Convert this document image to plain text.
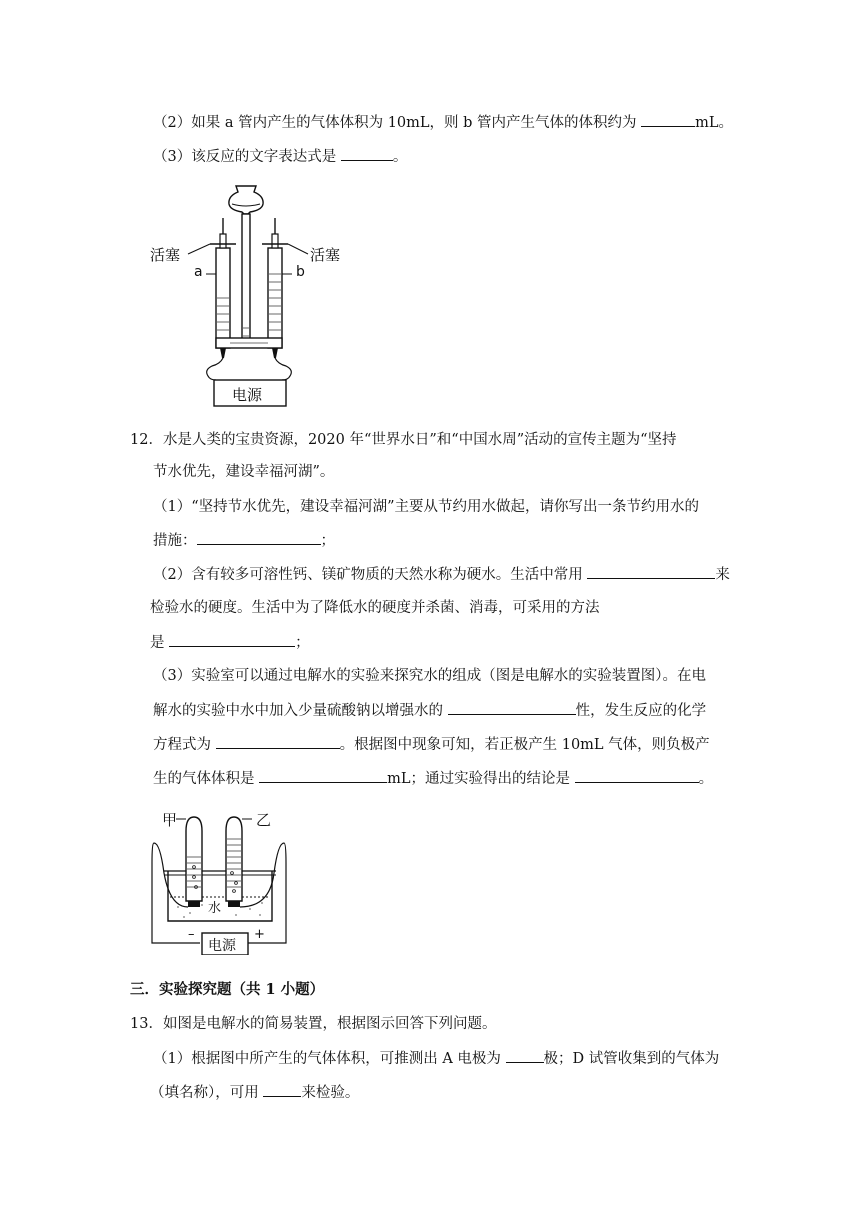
（2）如果 a 管内产生的气体体积为 10mL，则 b 管内产生气体的体积约为	mL。
（3）该反应的文字表达式是	。
活塞	活塞
a	b
电源
12．水是人类的宝贵资源，2020 年“世界水日”和“中国水周”活动的宣传主题为“坚持
节水优先，建设幸福河湖”。
（1）“坚持节水优先，建设幸福河湖”主要从节约用水做起，请你写出一条节约用水的
措施：	；
（2）含有较多可溶性钙、镁矿物质的天然水称为硬水。生活中常用	来
检验水的硬度。生活中为了降低水的硬度并杀菌、消毒，可采用的方法
是	；
（3）实验室可以通过电解水的实验来探究水的组成（图是电解水的实验装置图）。在电
解水的实验中水中加入少量硫酸钠以增强水的	性，发生反应的化学
方程式为	。根据图中现象可知，若正极产生 10mL 气体，则负极产
生的气体体积是	mL；通过实验得出的结论是	。
甲	乙
水
–	+
电源
三．实验探究题（共 1 小题）
13．如图是电解水的简易装置，根据图示回答下列问题。
（1）根据图中所产生的气体体积，可推测出 A 电极为	极；D 试管收集到的气体为
（填名称），可用	来检验。
